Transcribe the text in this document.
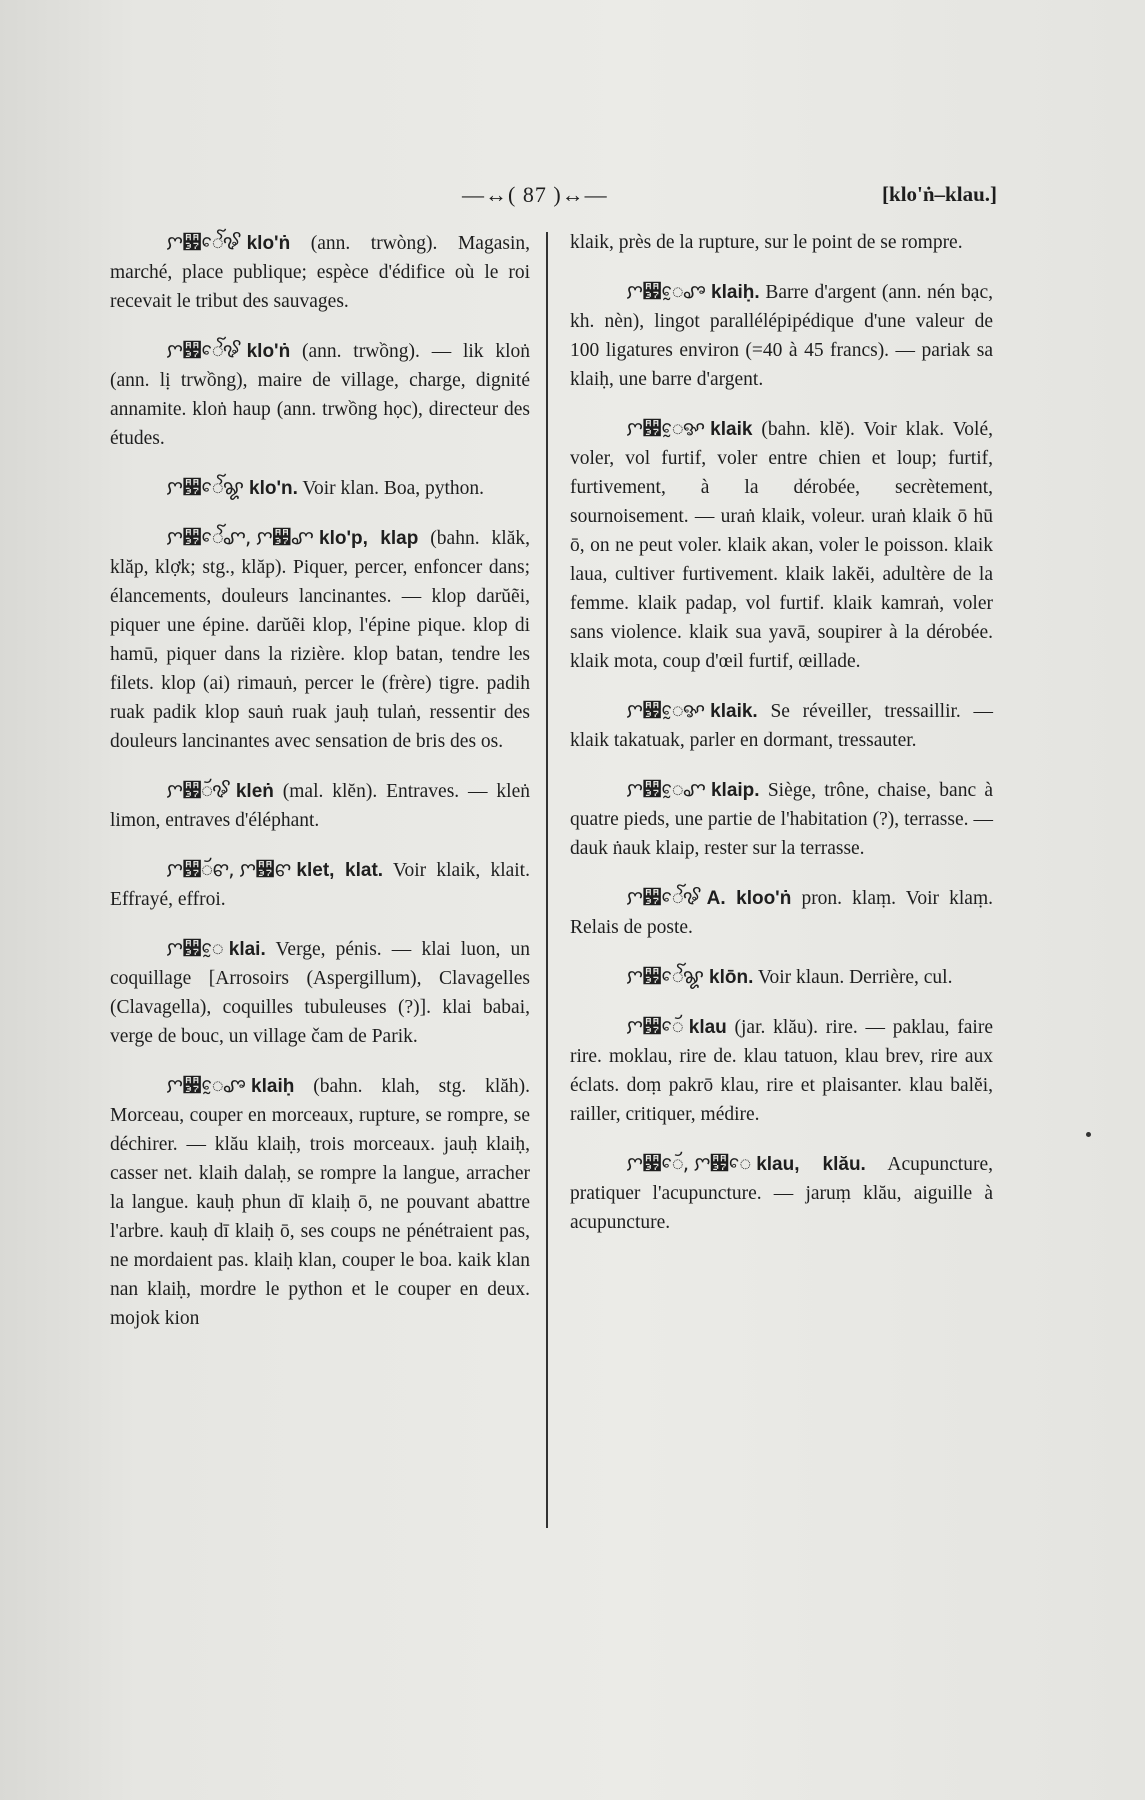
—↔( 87 )↔—	[klo'ṅ–klau.]

ꨆ꨷ꨯꨱꨃ klo'ṅ (ann. trwòng). Magasin, marché, place publique; espèce d'édifice où le roi recevait le tribut des sauvages.

ꨆ꨷ꨯꨱꨃ klo'ṅ (ann. trwồng). — lik kloṅ (ann. lị trwồng), maire de village, charge, dignité annamite. kloṅ haup (ann. trwồng học), directeur des études.

ꨆ꨷ꨯꨱꨘ klo'n. Voir klan. Boa, python.

ꨆ꨷ꨯꨱꨚ, ꨆ꨷ꨚ klo'p, klap (bahn. klăk, klăp, klợk; stg., klăp). Piquer, percer, enfoncer dans; élancements, douleurs lancinantes. — klop darŭẽi, piquer une épine. darŭẽi klop, l'épine pique. klop di hamū, piquer dans la rizière. klop batan, tendre les filets. klop (ai) rimauṅ, percer le (frère) tigre. padih ruak padik klop sauṅ ruak jauḥ tulaṅ, ressentir des douleurs lancinantes avec sensation de bris des os.

ꨆ꨷ꨮꨃ kleṅ (mal. klĕn). Entraves. — kleṅ limon, entraves d'éléphant.

ꨆ꨷ꨮꨓ, ꨆ꨷ꨓ klet, klat. Voir klaik, klait. Effrayé, effroi.

ꨆ꨷ꨰ klai. Verge, pénis. — klai luon, un coquillage [Arrosoirs (Aspergillum), Clavagelles (Clavagella), coquilles tubuleuses (?)]. klai babai, verge de bouc, un village čam de Parik.

ꨆ꨷ꨰꨨ klaiḥ (bahn. klah, stg. klăh). Morceau, couper en morceaux, rupture, se rompre, se déchirer. — klău klaiḥ, trois morceaux. jauḥ klaiḥ, casser net. klaih dalaḥ, se rompre la langue, arracher la langue. kauḥ phun dī klaiḥ ō, ne pouvant abattre l'arbre. kauḥ dī klaiḥ ō, ses coups ne pénétraient pas, ne mordaient pas. klaiḥ klan, couper le boa. kaik klan nan klaiḥ, mordre le python et le couper en deux. mojok kion

klaik, près de la rupture, sur le point de se rompre.

ꨆ꨷ꨰꨨ klaiḥ. Barre d'argent (ann. nén bạc, kh. nèn), lingot parallélépipédique d'une valeur de 100 ligatures environ (=40 à 45 francs). — pariak sa klaiḥ, une barre d'argent.

ꨆ꨷ꨰꨀ klaik (bahn. klĕ). Voir klak. Volé, voler, vol furtif, voler entre chien et loup; furtif, furtivement, à la dérobée, secrètement, sournoisement. — uraṅ klaik, voleur. uraṅ klaik ō hū ō, on ne peut voler. klaik akan, voler le poisson. klaik laua, cultiver furtivement. klaik lakĕi, adultère de la femme. klaik padap, vol furtif. klaik kamraṅ, voler sans violence. klaik sua yavā, soupirer à la dérobée. klaik mota, coup d'œil furtif, œillade.

ꨆ꨷ꨰꨀ klaik. Se réveiller, tressaillir. — klaik takatuak, parler en dormant, tressauter.

ꨆ꨷ꨰꨚ klaip. Siège, trône, chaise, banc à quatre pieds, une partie de l'habitation (?), terrasse. — dauk ṅauk klaip, rester sur la terrasse.

ꨆ꨷ꨯꨱꨃ A. kloo'ṅ pron. klaṃ. Voir klaṃ. Relais de poste.

ꨆ꨷ꨯꨱꨘ klōn. Voir klaun. Derrière, cul.

ꨆ꨷ꨯꨮ klau (jar. klău). rire. — paklau, faire rire. moklau, rire de. klau tatuon, klau brev, rire aux éclats. doṃ pakrō klau, rire et plaisanter. klau balĕi, railler, critiquer, médire.

ꨆ꨷ꨯꨮ, ꨆ꨷ꨯ klau, klău. Acupuncture, pratiquer l'acupuncture. — jaruṃ klău, aiguille à acupuncture.
